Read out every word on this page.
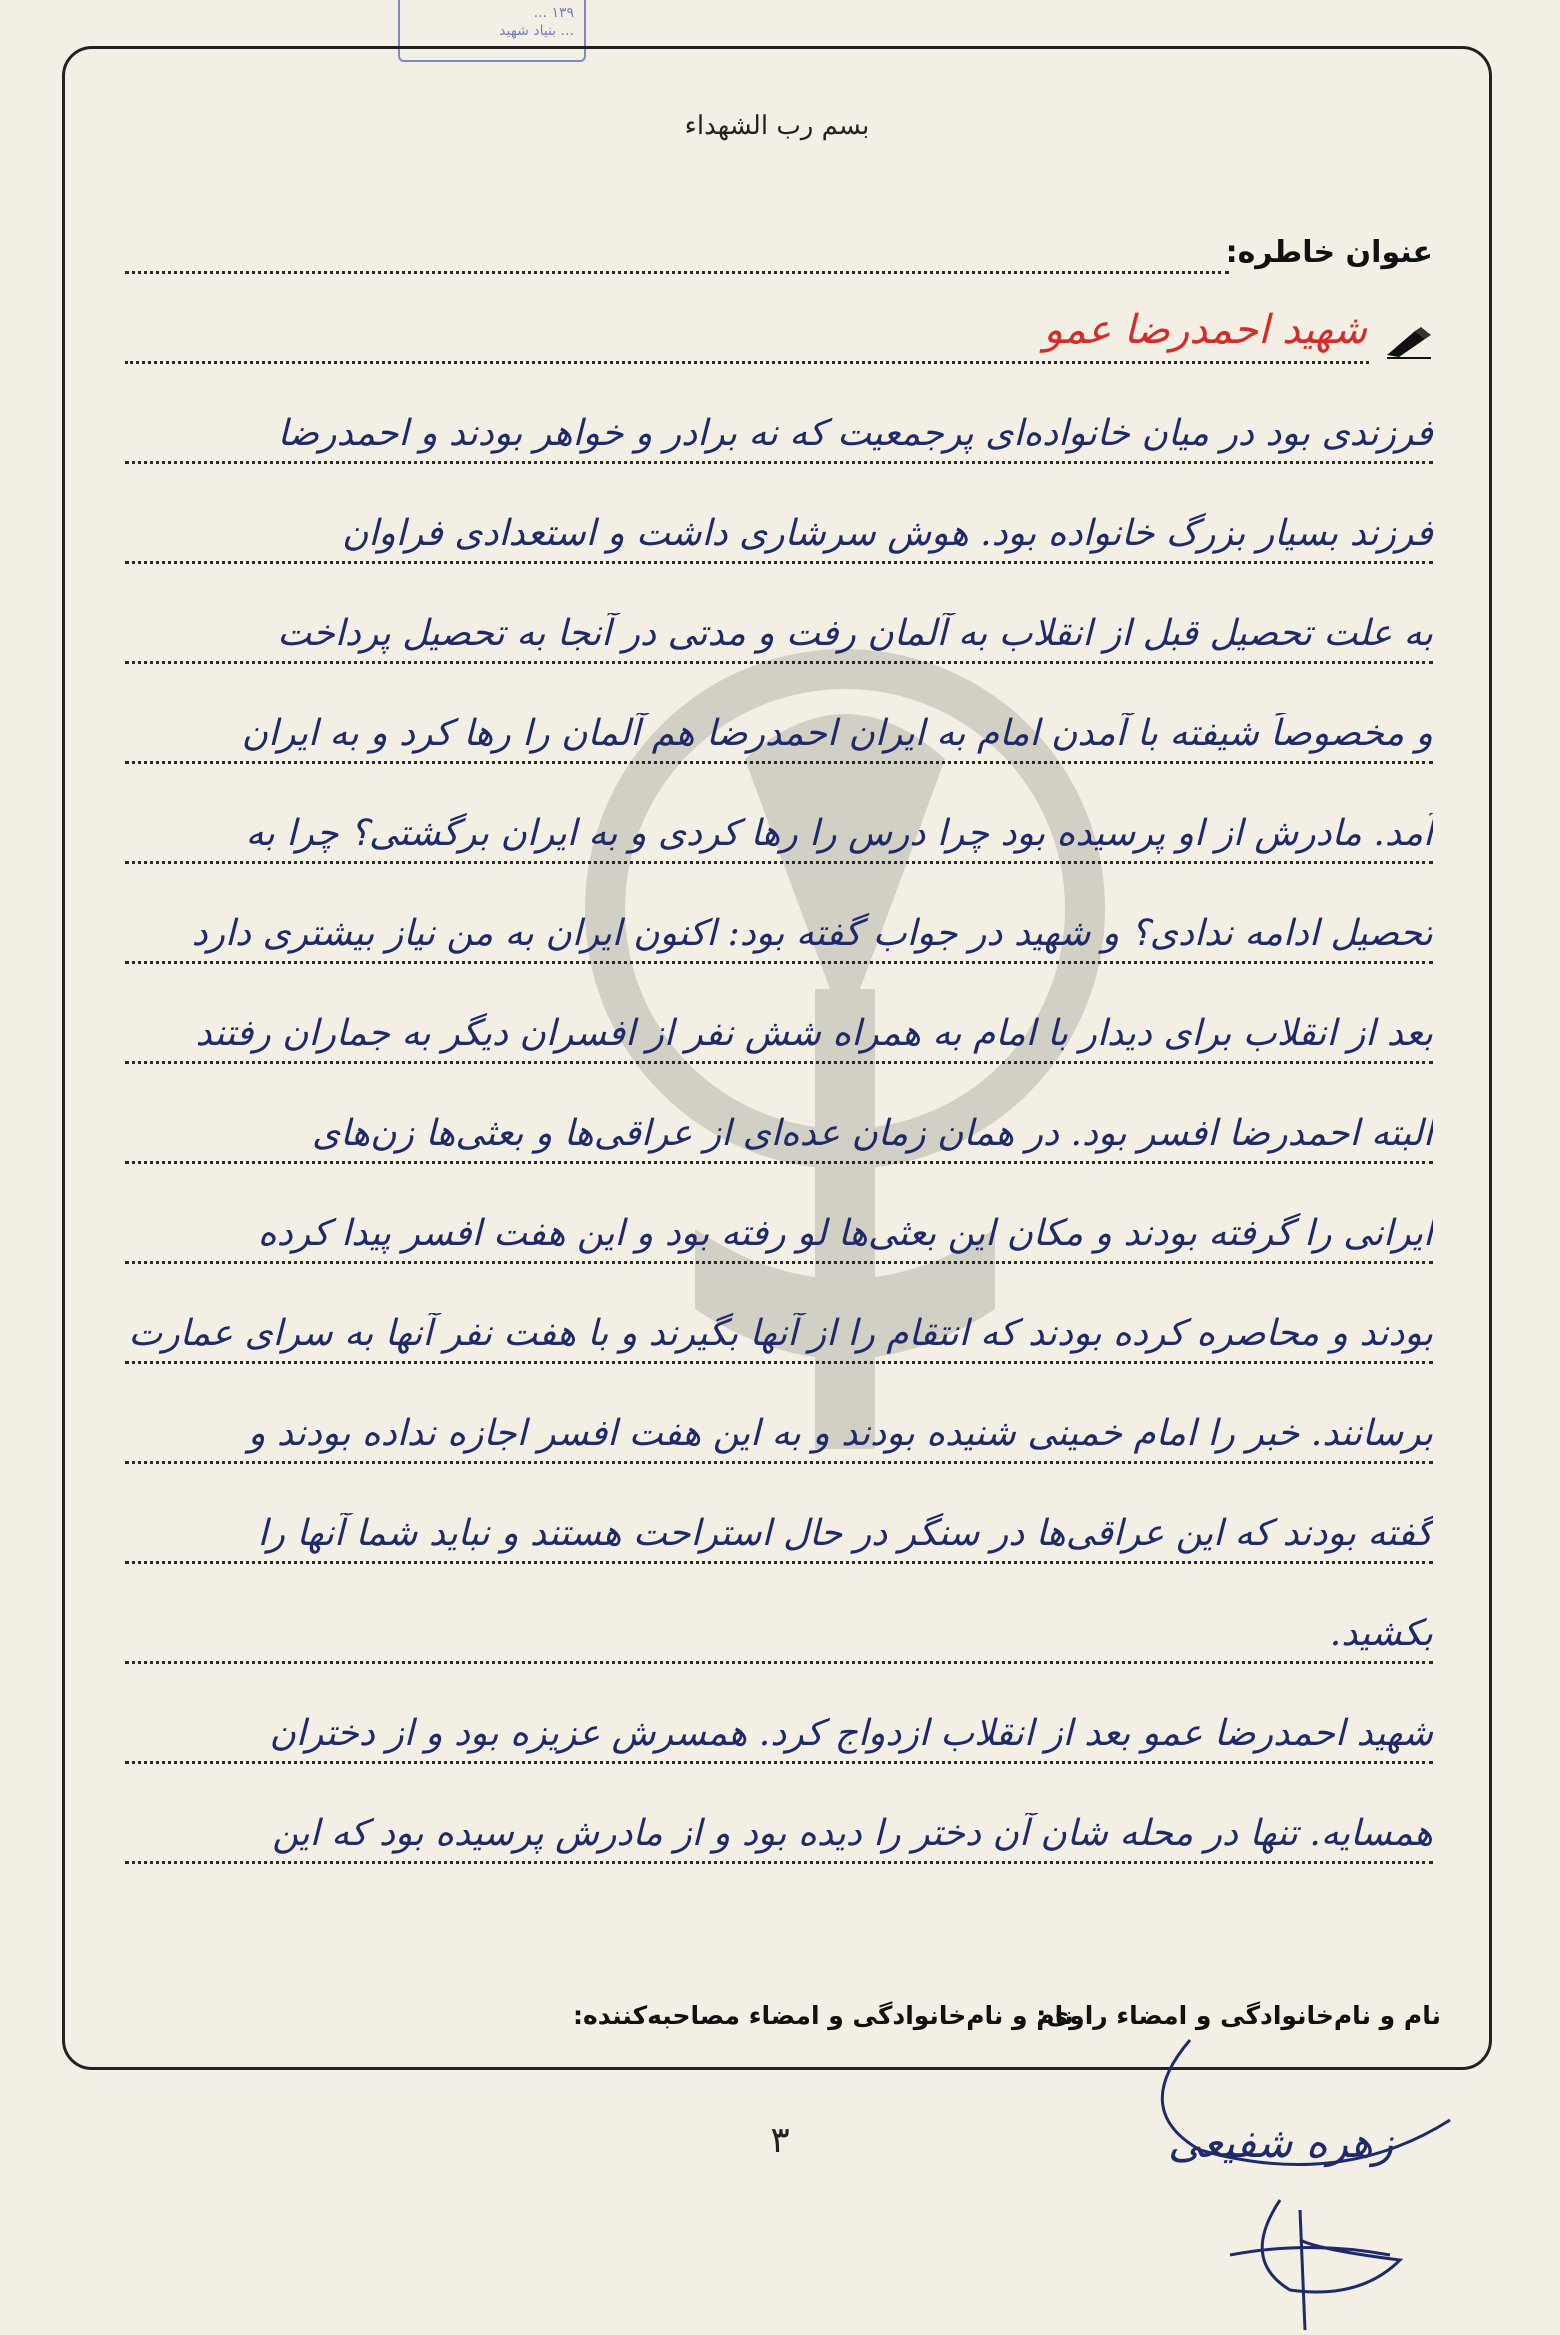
۱۳۹ ...
... بنیاد شهید
بسم رب الشهداء
عنوان خاطره:
شهید احمدرضا عمو
فرزندی بود در میان خانواده‌ای پرجمعیت که نه برادر و خواهر بودند و احمدرضا
فرزند بسیار بزرگ خانواده بود. هوش سرشاری داشت و استعدادی فراوان
به علت تحصیل قبل از انقلاب به آلمان رفت و مدتی در آنجا به تحصیل پرداخت
و مخصوصاً شیفته با آمدن امام به ایران احمدرضا هم آلمان را رها کرد و به ایران
آمد. مادرش از او پرسیده بود چرا درس را رها کردی و به ایران برگشتی؟ چرا به
تحصیل ادامه ندادی؟ و شهید در جواب گفته بود: اکنون ایران به من نیاز بیشتری دارد
بعد از انقلاب برای دیدار با امام به همراه شش نفر از افسران دیگر به جماران رفتند
البته احمدرضا افسر بود. در همان زمان عده‌ای از عراقی‌ها و بعثی‌ها زن‌های
ایرانی را گرفته بودند و مکان این بعثی‌ها لو رفته بود و این هفت افسر پیدا کرده
بودند و محاصره کرده بودند که انتقام را از آنها بگیرند و با هفت نفر آنها به سرای عمارت
برسانند. خبر را امام خمینی شنیده بودند و به این هفت افسر اجازه نداده بودند و
گفته بودند که این عراقی‌ها در سنگر در حال استراحت هستند و نباید شما آنها را
بکشید.
شهید احمدرضا عمو بعد از انقلاب ازدواج کرد. همسرش عزیزه بود و از دختران
همسایه. تنها در محله شان آن دختر را دیده بود و از مادرش پرسیده بود که این
نام و نام‌خانوادگی و امضاء راوی:
نام و نام‌خانوادگی و امضاء مصاحبه‌کننده:
۳	زهره شفیعی
